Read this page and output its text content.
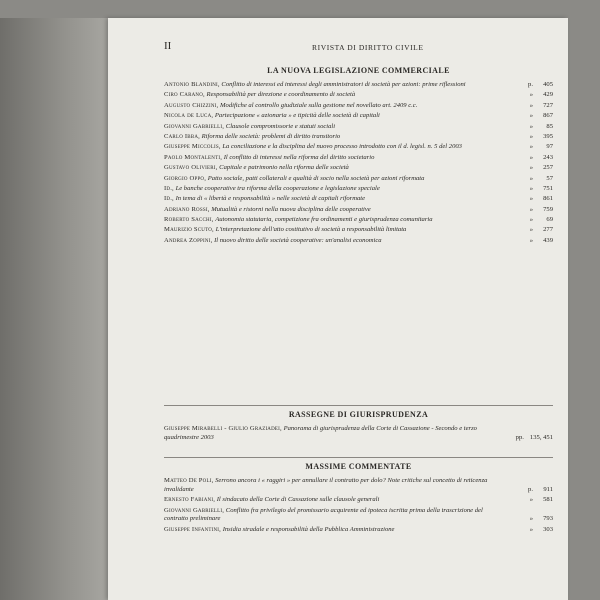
II	RIVISTA DI DIRITTO CIVILE
LA NUOVA LEGISLAZIONE COMMERCIALE
Antonio Blandini, Conflitto di interessi ed interessi degli amministratori di società per azioni: prime riflessioni	p. 405
Ciro Carano, Responsabilità per direzione e coordinamento di società	» 429
Augusto Chizzini, Modifiche al controllo giudiziale sulla gestione nel novellato art. 2409 c.c.	» 727
Nicola de Luca, Partecipazione « azionaria » e tipicità delle società di capitali	» 867
Giovanni Gabrielli, Clausole compromissorie e statuti sociali	» 85
Carlo Ibba, Riforma delle società: problemi di diritto transitorio	» 395
Giuseppe Miccolis, La conciliazione e la disciplina del nuovo processo introdotto con il d. legisl. n. 5 del 2003	» 97
Paolo Montalenti, Il conflitto di interessi nella riforma del diritto societario	» 243
Gustavo Olivieri, Capitale e patrimonio nella riforma delle società	» 257
Giorgio Oppo, Patto sociale, patti collaterali e qualità di socio nella società per azioni riformata	» 57
Id., Le banche cooperative tra riforma della cooperazione e legislazione speciale	» 751
Id., In tema di « libertà e responsabilità » nelle società di capitali riformate	» 861
Adriano Rossi, Mutualità e ristorni nella nuova disciplina delle cooperative	» 759
Roberto Sacchi, Autonomia statutaria, competizione fra ordinamenti e giurisprudenza comunitaria	» 69
Maurizio Scuto, L'interpretazione dell'atto costitutivo di società a responsabilità limitata	» 277
Andrea Zoppini, Il nuovo diritto delle società cooperative: un'analisi economica	» 439
RASSEGNE DI GIURISPRUDENZA
Giuseppe Mirabelli - Giulio Graziadei, Panorama di giurisprudenza della Corte di Cassazione - Secondo e terzo quadrimestre 2003	pp. 135, 451
MASSIME COMMENTATE
Matteo De Poli, Serrono ancora i « raggiri » per annullare il contratto per dolo? Note critiche sul concetto di reticenza invalidante	p. 911
Ernesto Fabiani, Il sindacato della Corte di Cassazione sulle clausole generali	» 581
Giovanni Gabrielli, Conflitto fra privilegio del promissario acquirente ed ipoteca iscritta prima della trascrizione del contratto preliminare	» 793
Giuseppe Infantini, Insidia stradale e responsabilità della Pubblica Amministrazione	» 303
